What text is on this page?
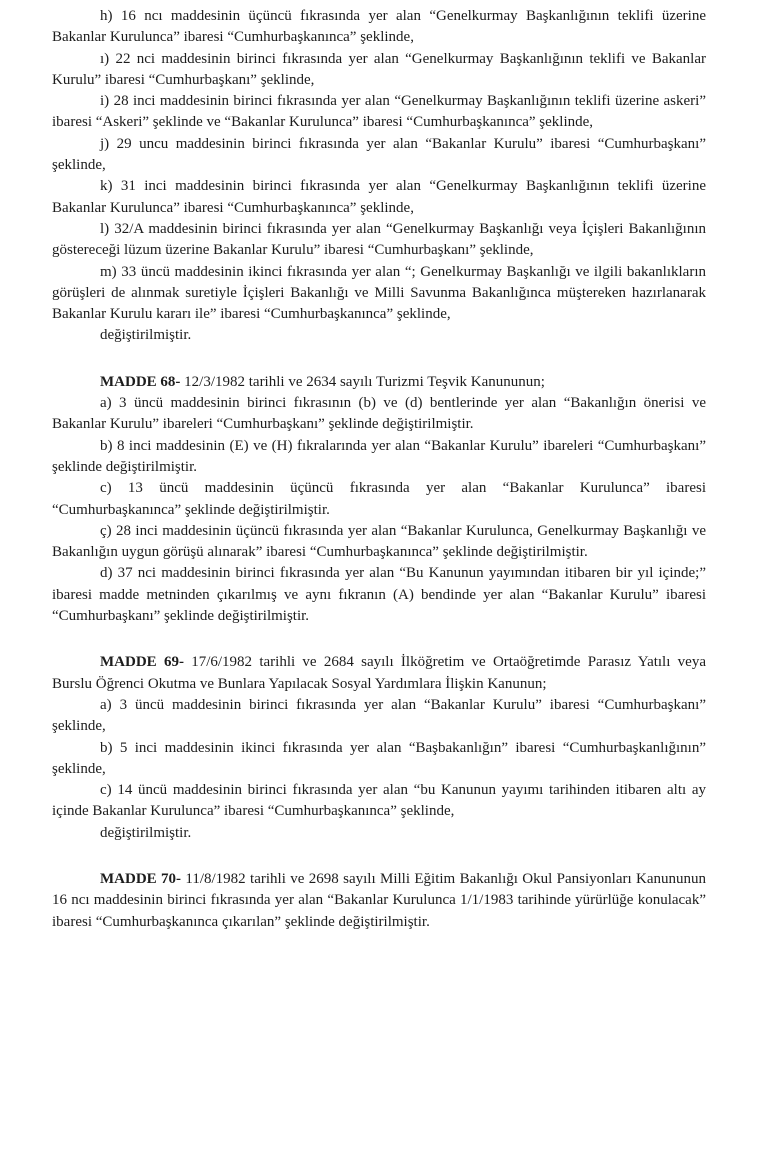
h) 16 ncı maddesinin üçüncü fıkrasında yer alan “Genelkurmay Başkanlığının teklifi üzerine Bakanlar Kurulunca” ibaresi “Cumhurbaşkanınca” şeklinde,

ı) 22 nci maddesinin birinci fıkrasında yer alan “Genelkurmay Başkanlığının teklifi ve Bakanlar Kurulu” ibaresi “Cumhurbaşkanı” şeklinde,

i) 28 inci maddesinin birinci fıkrasında yer alan “Genelkurmay Başkanlığının teklifi üzerine askeri” ibaresi “Askeri” şeklinde ve “Bakanlar Kurulunca” ibaresi “Cumhurbaşkanınca” şeklinde,

j) 29 uncu maddesinin birinci fıkrasında yer alan “Bakanlar Kurulu” ibaresi “Cumhurbaşkanı” şeklinde,

k) 31 inci maddesinin birinci fıkrasında yer alan “Genelkurmay Başkanlığının teklifi üzerine Bakanlar Kurulunca” ibaresi “Cumhurbaşkanınca” şeklinde,

l) 32/A maddesinin birinci fıkrasında yer alan “Genelkurmay Başkanlığı veya İçişleri Bakanlığının göstereceği lüzum üzerine Bakanlar Kurulu” ibaresi “Cumhurbaşkanı” şeklinde,

m) 33 üncü maddesinin ikinci fıkrasında yer alan “; Genelkurmay Başkanlığı ve ilgili bakanlıkların görüşleri de alınmak suretiyle İçişleri Bakanlığı ve Milli Savunma Bakanlığınca müştereken hazırlanarak Bakanlar Kurulu kararı ile” ibaresi “Cumhurbaşkanınca” şeklinde,

değiştirilmiştir.

MADDE 68- 12/3/1982 tarihli ve 2634 sayılı Turizmi Teşvik Kanununun;

a) 3 üncü maddesinin birinci fıkrasının (b) ve (d) bentlerinde yer alan “Bakanlığın önerisi ve Bakanlar Kurulu” ibareleri “Cumhurbaşkanı” şeklinde değiştirilmiştir.

b) 8 inci maddesinin (E) ve (H) fıkralarında yer alan “Bakanlar Kurulu” ibareleri “Cumhurbaşkanı” şeklinde değiştirilmiştir.

c) 13 üncü maddesinin üçüncü fıkrasında yer alan “Bakanlar Kurulunca” ibaresi “Cumhurbaşkanınca” şeklinde değiştirilmiştir.

ç) 28 inci maddesinin üçüncü fıkrasında yer alan “Bakanlar Kurulunca, Genelkurmay Başkanlığı ve Bakanlığın uygun görüşü alınarak” ibaresi “Cumhurbaşkanınca” şeklinde değiştirilmiştir.

d) 37 nci maddesinin birinci fıkrasında yer alan “Bu Kanunun yayımından itibaren bir yıl içinde;” ibaresi madde metninden çıkarılmış ve aynı fıkranın (A) bendinde yer alan “Bakanlar Kurulu” ibaresi “Cumhurbaşkanı” şeklinde değiştirilmiştir.

MADDE 69- 17/6/1982 tarihli ve 2684 sayılı İlköğretim ve Ortaöğretimde Parasız Yatılı veya Burslu Öğrenci Okutma ve Bunlara Yapılacak Sosyal Yardımlara İlişkin Kanunun;

a) 3 üncü maddesinin birinci fıkrasında yer alan “Bakanlar Kurulu” ibaresi “Cumhurbaşkanı” şeklinde,

b) 5 inci maddesinin ikinci fıkrasında yer alan “Başbakanlığın” ibaresi “Cumhurbaşkanlığının” şeklinde,

c) 14 üncü maddesinin birinci fıkrasında yer alan “bu Kanunun yayımı tarihinden itibaren altı ay içinde Bakanlar Kurulunca” ibaresi “Cumhurbaşkanınca” şeklinde,

değiştirilmiştir.

MADDE 70- 11/8/1982 tarihli ve 2698 sayılı Milli Eğitim Bakanlığı Okul Pansiyonları Kanununun 16 ncı maddesinin birinci fıkrasında yer alan “Bakanlar Kurulunca 1/1/1983 tarihinde yürürlüğe konulacak” ibaresi “Cumhurbaşkanınca çıkarılan” şeklinde değiştirilmiştir.
